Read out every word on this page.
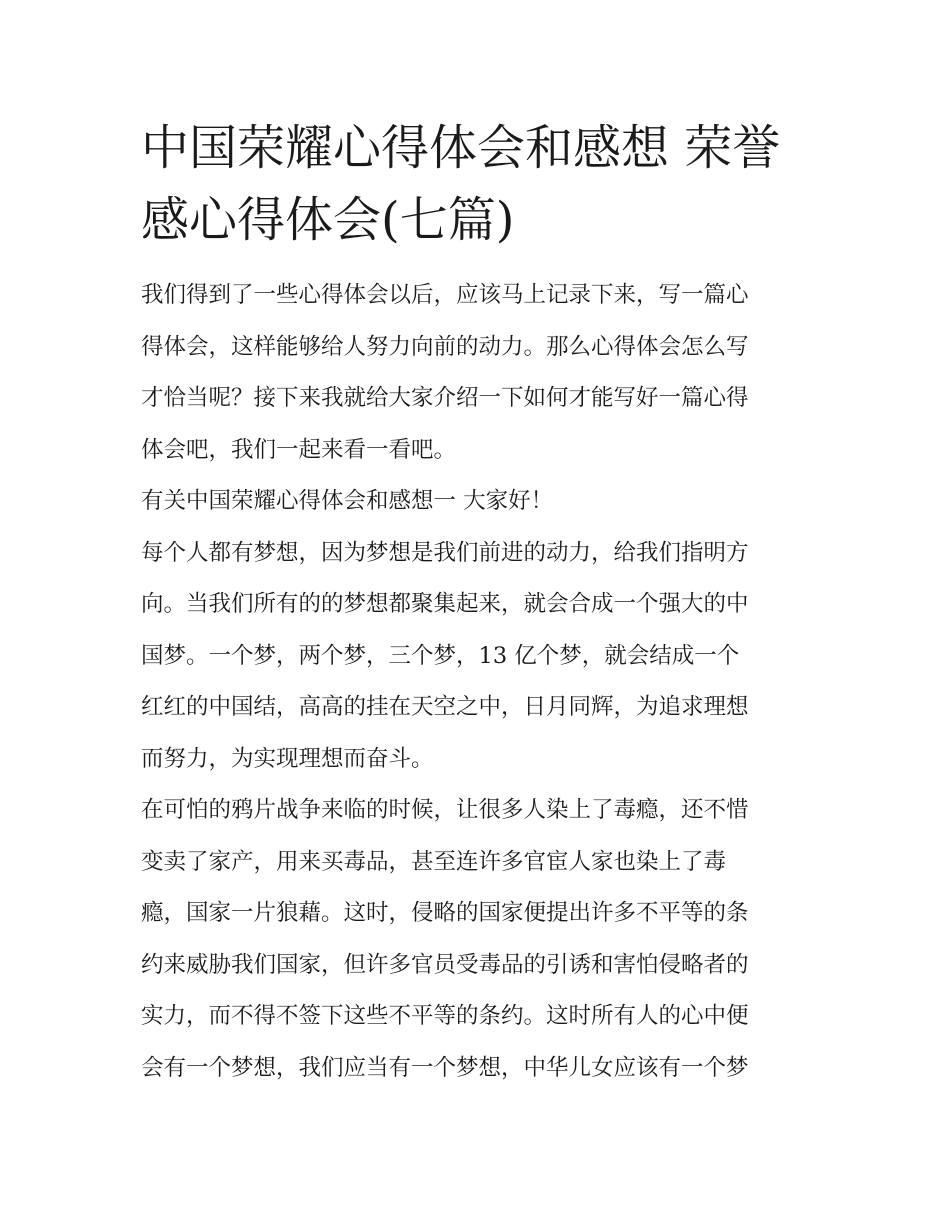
中国荣耀心得体会和感想 荣誉
感心得体会(七篇)

我们得到了一些心得体会以后，应该马上记录下来，写一篇心
得体会，这样能够给人努力向前的动力。那么心得体会怎么写
才恰当呢？接下来我就给大家介绍一下如何才能写好一篇心得
体会吧，我们一起来看一看吧。

有关中国荣耀心得体会和感想一 大家好！

每个人都有梦想，因为梦想是我们前进的动力，给我们指明方
向。当我们所有的的梦想都聚集起来，就会合成一个强大的中
国梦。一个梦，两个梦，三个梦，13 亿个梦，就会结成一个
红红的中国结，高高的挂在天空之中，日月同辉，为追求理想
而努力，为实现理想而奋斗。

在可怕的鸦片战争来临的时候，让很多人染上了毒瘾，还不惜
变卖了家产，用来买毒品，甚至连许多官宦人家也染上了毒
瘾，国家一片狼藉。这时，侵略的国家便提出许多不平等的条
约来威胁我们国家，但许多官员受毒品的引诱和害怕侵略者的
实力，而不得不签下这些不平等的条约。这时所有人的心中便
会有一个梦想，我们应当有一个梦想，中华儿女应该有一个梦
